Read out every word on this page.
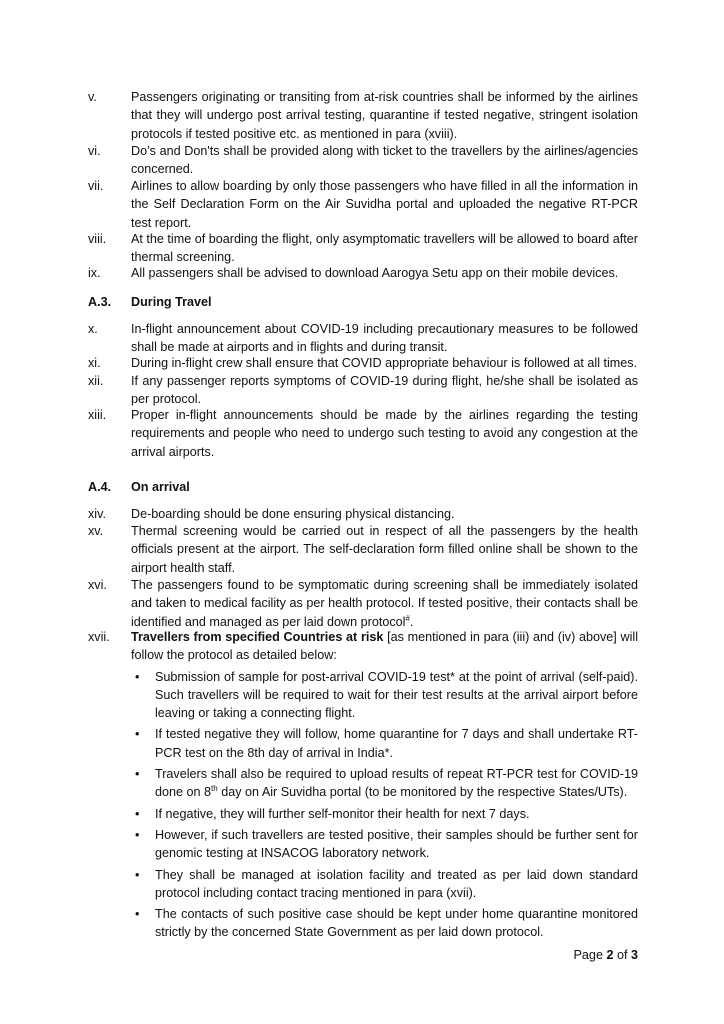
v.	Passengers originating or transiting from at-risk countries shall be informed by the airlines that they will undergo post arrival testing, quarantine if tested negative, stringent isolation protocols if tested positive etc. as mentioned in para (xviii).
vi.	Do’s and Don'ts shall be provided along with ticket to the travellers by the airlines/agencies concerned.
vii.	Airlines to allow boarding by only those passengers who have filled in all the information in the Self Declaration Form on the Air Suvidha portal and uploaded the negative RT-PCR test report.
viii.	At the time of boarding the flight, only asymptomatic travellers will be allowed to board after thermal screening.
ix.	All passengers shall be advised to download Aarogya Setu app on their mobile devices.
A.3.	During Travel
x.	In-flight announcement about COVID-19 including precautionary measures to be followed shall be made at airports and in flights and during transit.
xi.	During in-flight crew shall ensure that COVID appropriate behaviour is followed at all times.
xii.	If any passenger reports symptoms of COVID-19 during flight, he/she shall be isolated as per protocol.
xiii.	Proper in-flight announcements should be made by the airlines regarding the testing requirements and people who need to undergo such testing to avoid any congestion at the arrival airports.
A.4.	On arrival
xiv.	De-boarding should be done ensuring physical distancing.
xv.	Thermal screening would be carried out in respect of all the passengers by the health officials present at the airport. The self-declaration form filled online shall be shown to the airport health staff.
xvi.	The passengers found to be symptomatic during screening shall be immediately isolated and taken to medical facility as per health protocol. If tested positive, their contacts shall be identified and managed as per laid down protocol#.
xvii.	Travellers from specified Countries at risk [as mentioned in para (iii) and (iv) above] will follow the protocol as detailed below:
• Submission of sample for post-arrival COVID-19 test* at the point of arrival (self-paid). Such travellers will be required to wait for their test results at the arrival airport before leaving or taking a connecting flight.
• If tested negative they will follow, home quarantine for 7 days and shall undertake RT-PCR test on the 8th day of arrival in India*.
• Travelers shall also be required to upload results of repeat RT-PCR test for COVID-19 done on 8th day on Air Suvidha portal (to be monitored by the respective States/UTs).
• If negative, they will further self-monitor their health for next 7 days.
• However, if such travellers are tested positive, their samples should be further sent for genomic testing at INSACOG laboratory network.
• They shall be managed at isolation facility and treated as per laid down standard protocol including contact tracing mentioned in para (xvii).
• The contacts of such positive case should be kept under home quarantine monitored strictly by the concerned State Government as per laid down protocol.
Page 2 of 3
